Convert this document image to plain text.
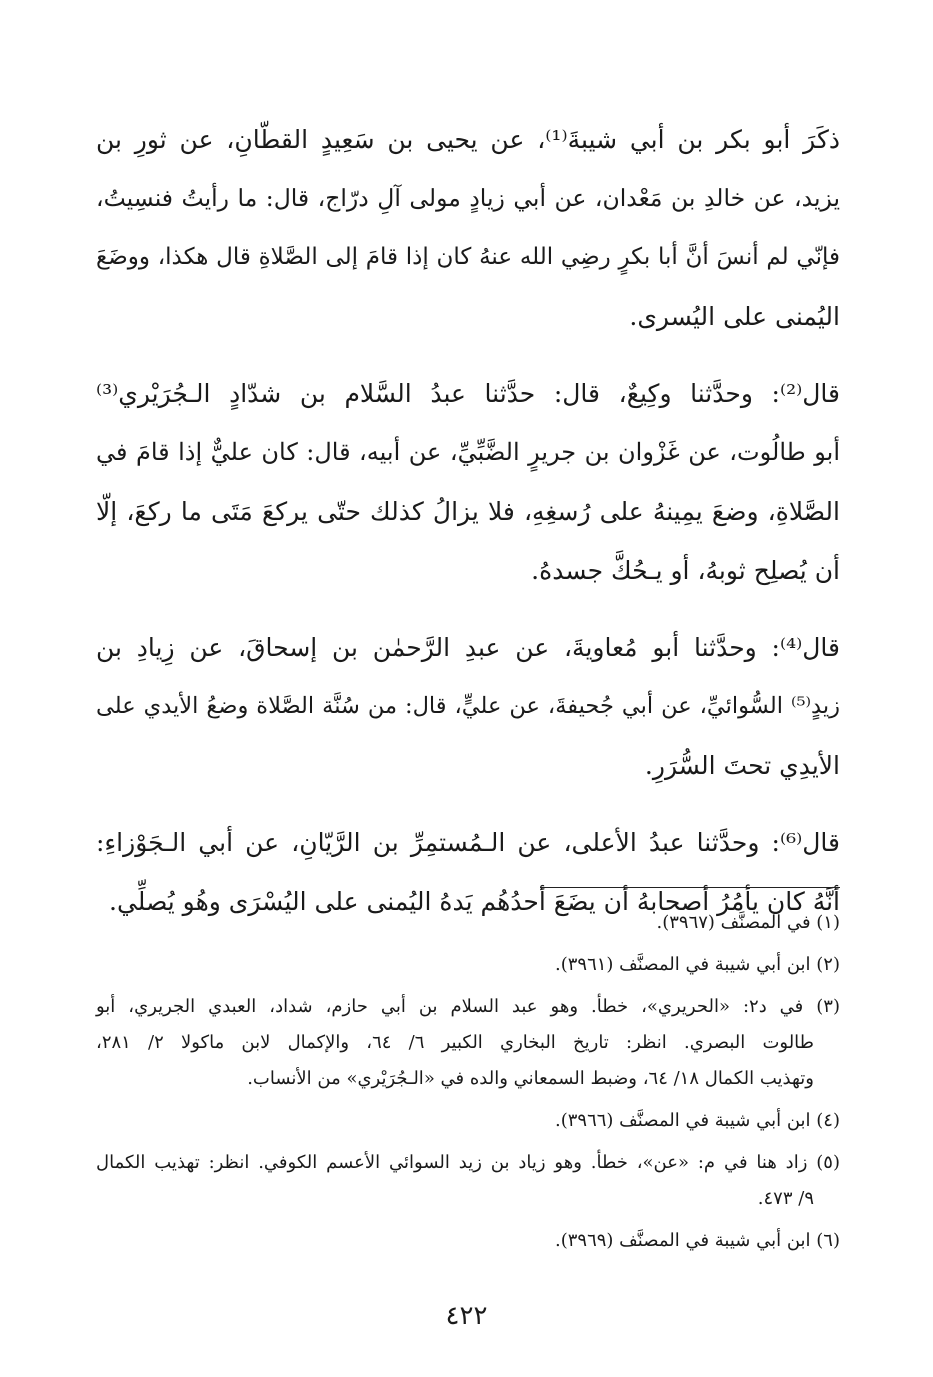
ذكَرَ أبو بكر بن أبي شيبةَ⁽¹⁾، عن يحيى بن سَعِيدٍ القطّانِ، عن ثورِ بن
يزيد، عن خالدِ بن مَعْدان، عن أبي زيادٍ مولى آلِ درّاج، قال: ما رأيتُ فنسِيتُ،
فإنّي لم أنسَ أنَّ أبا بكرٍ رضِي الله عنهُ كان إذا قامَ إلى الصَّلاةِ قال هكذا، ووضَعَ
اليُمنى على اليُسرى.

قال⁽²⁾: وحدَّثنا وكِيعٌ، قال: حدَّثنا عبدُ السَّلام بن شدّادٍ الـجُرَيْري⁽³⁾
أبو طالُوت، عن غَزْوان بن جريرٍ الضَّبِّيِّ، عن أبيه، قال: كان عليٌّ إذا قامَ في
الصَّلاةِ، وضعَ يمِينهُ على رُسغِهِ، فلا يزالُ كذلك حتّى يركعَ مَتَى ما ركعَ، إلّا
أن يُصلِح ثوبهُ، أو يـحُكَّ جسدهُ.

قال⁽⁴⁾: وحدَّثنا أبو مُعاويةَ، عن عبدِ الرَّحمٰن بن إسحاقَ، عن زِيادِ بن
زيدٍ⁽⁵⁾ السُّوائيِّ، عن أبي جُحيفةَ، عن عليٍّ، قال: من سُنَّة الصَّلاة وضعُ الأيدي على
الأيدِي تحتَ السُّرَرِ.

قال⁽⁶⁾: وحدَّثنا عبدُ الأعلى، عن الـمُستمِرِّ بن الرَّيّانِ، عن أبي الـجَوْزاءِ:
أنَّهُ كان يأمُرُ أصحابهُ أن يضَعَ أحدُهُم يَدهُ اليُمنى على اليُسْرَى وهُو يُصلِّي.

(١) في المصنَّف (٣٩٦٧).
(٢) ابن أبي شيبة في المصنَّف (٣٩٦١).
(٣) في د٢: «الحريري»، خطأ. وهو عبد السلام بن أبي حازم، شداد، العبدي الجريري، أبو
طالوت البصري. انظر: تاريخ البخاري الكبير ٦/ ٦٤، والإكمال لابن ماكولا ٢/ ٢٨١،
وتهذيب الكمال ١٨/ ٦٤، وضبط السمعاني والده في «الـجُرَيْري» من الأنساب.
(٤) ابن أبي شيبة في المصنَّف (٣٩٦٦).
(٥) زاد هنا في م: «عن»، خطأ. وهو زياد بن زيد السوائي الأعسم الكوفي. انظر: تهذيب الكمال
٩/ ٤٧٣.
(٦) ابن أبي شيبة في المصنَّف (٣٩٦٩).
٤٢٢
